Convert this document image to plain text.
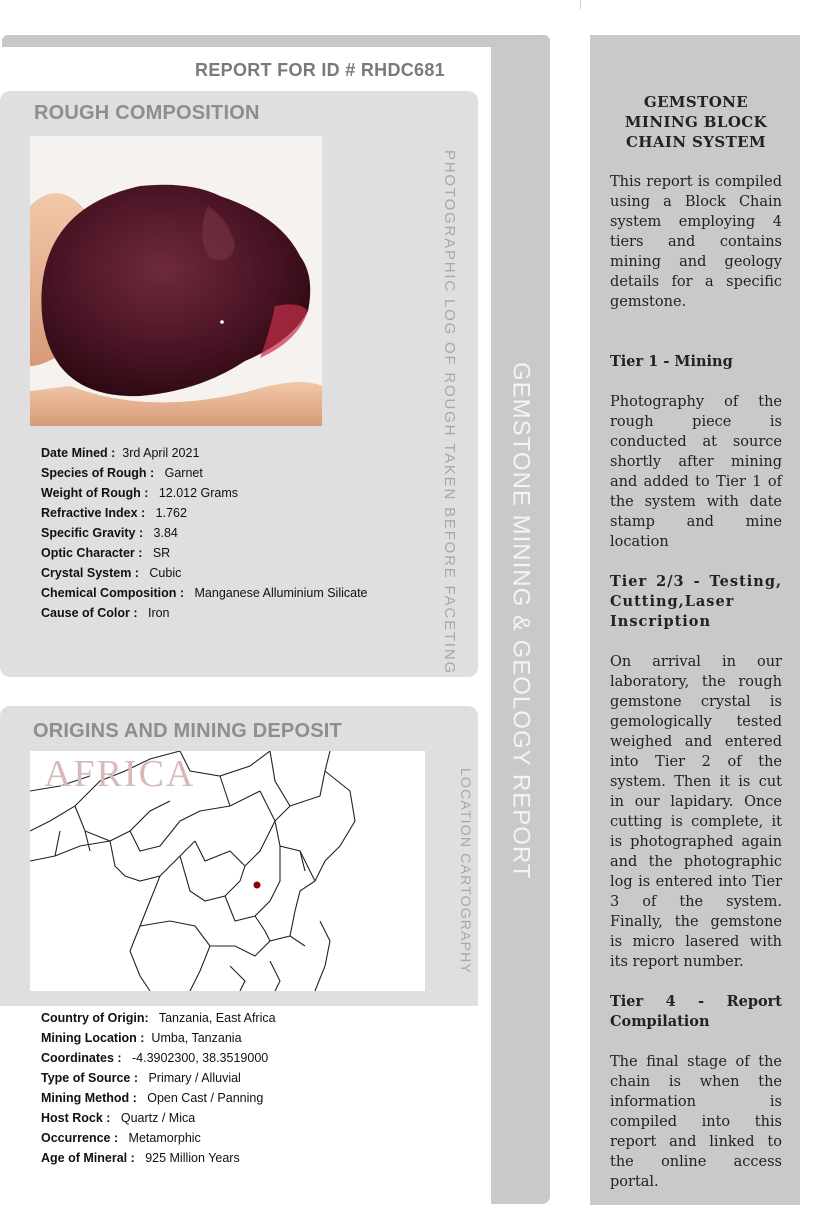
REPORT FOR ID # RHDC681
ROUGH COMPOSITION
PHOTOGRAPHIC LOG OF ROUGH TAKEN BEFORE FACETING
Date Mined : 3rd April 2021
Species of Rough : Garnet
Weight of Rough : 12.012 Grams
Refractive Index : 1.762
Specific Gravity : 3.84
Optic Character : SR
Crystal System : Cubic
Chemical Composition : Manganese Alluminium Silicate
Cause of Color : Iron
ORIGINS AND MINING DEPOSIT
AFRICA	LOCATION CARTOGRAPHY
Country of Origin: Tanzania, East Africa
Mining Location : Umba, Tanzania
Coordinates : -4.3902300, 38.3519000
Type of Source : Primary / Alluvial
Mining Method : Open Cast / Panning
Host Rock : Quartz / Mica
Occurrence : Metamorphic
Age of Mineral : 925 Million Years
GEMSTONE MINING & GEOLOGY REPORT
GEMSTONE MINING BLOCK CHAIN SYSTEM
This report is compiled using a Block Chain system employing 4 tiers and contains mining and geology details for a specific gemstone.
Tier 1 - Mining
Photography of the rough piece is conducted at source shortly after mining and added to Tier 1 of the system with date stamp and mine location
Tier 2/3 - Testing, Cutting,Laser Inscription
On arrival in our laboratory, the rough gemstone crystal is gemologically tested weighed and entered into Tier 2 of the system. Then it is cut in our lapidary. Once cutting is complete, it is photographed again and the photographic log is entered into Tier 3 of the system. Finally, the gemstone is micro lasered with its report number.
Tier 4 - Report Compilation
The final stage of the chain is when the information is compiled into this report and linked to the online access portal.
